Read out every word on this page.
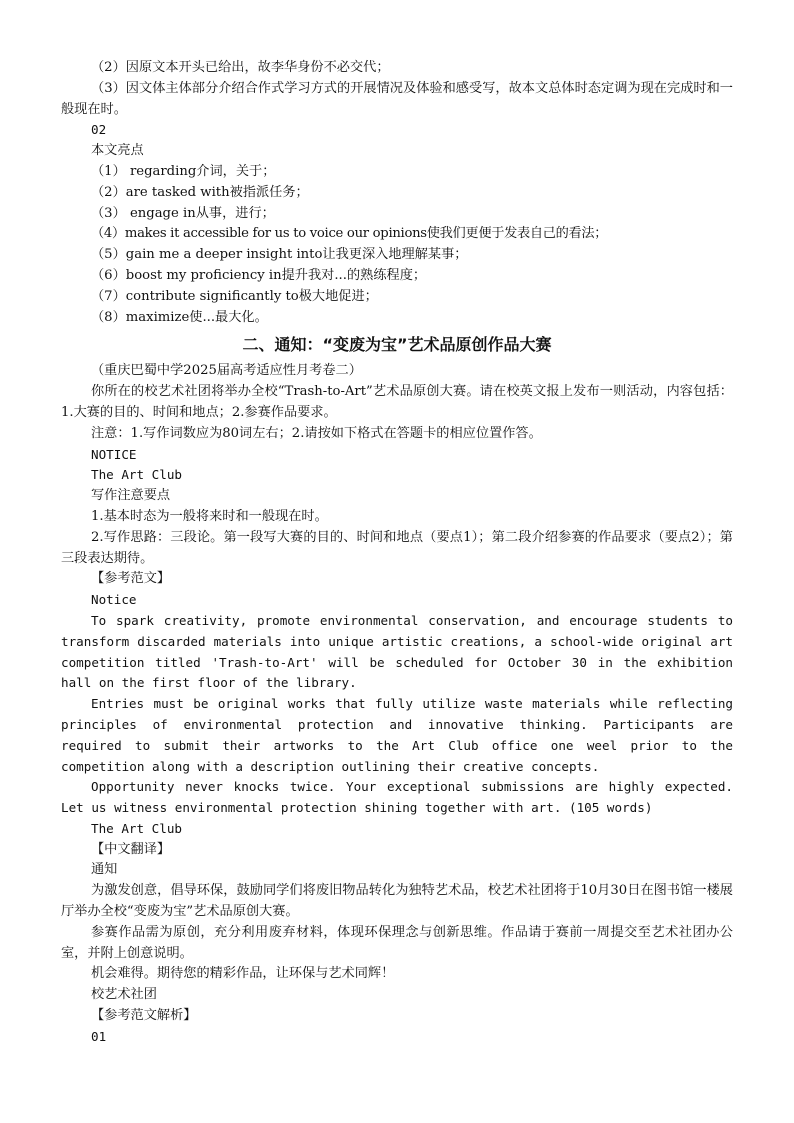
（2）因原文本开头已给出，故李华身份不必交代；
（3）因文体主体部分介绍合作式学习方式的开展情况及体验和感受写，故本文总体时态定调为现在完成时和一般现在时。
02
本文亮点
（1） regarding介词，关于；
（2）are tasked with被指派任务；
（3） engage in从事，进行；
（4）makes it accessible for us to voice our opinions使我们更便于发表自己的看法；
（5）gain me a deeper insight into让我更深入地理解某事；
（6）boost my proficiency in提升我对...的熟练程度；
（7）contribute significantly to极大地促进；
（8）maximize使...最大化。
二、通知：“变废为宝”艺术品原创作品大赛
（重庆巴蜀中学2025届高考适应性月考卷二）
你所在的校艺术社团将举办全校“Trash-to-Art”艺术品原创大赛。请在校英文报上发布一则活动，内容包括：1.大赛的目的、时间和地点；2.参赛作品要求。
注意：1.写作词数应为80词左右；2.请按如下格式在答题卡的相应位置作答。
NOTICE
The Art Club
写作注意要点
1.基本时态为一般将来时和一般现在时。
2.写作思路：三段论。第一段写大赛的目的、时间和地点（要点1）；第二段介绍参赛的作品要求（要点2）；第三段表达期待。
【参考范文】
Notice
To spark creativity, promote environmental conservation, and encourage students to transform discarded materials into unique artistic creations, a school-wide original art competition titled 'Trash-to-Art' will be scheduled for October 30 in the exhibition hall on the first floor of the library.
Entries must be original works that fully utilize waste materials while reflecting principles of environmental protection and innovative thinking. Participants are required to submit their artworks to the Art Club office one weel prior to the competition along with a description outlining their creative concepts.
Opportunity never knocks twice. Your exceptional submissions are highly expected. Let us witness environmental protection shining together with art. (105 words)
The Art Club
【中文翻译】
通知
为激发创意，倡导环保，鼓励同学们将废旧物品转化为独特艺术品，校艺术社团将于10月30日在图书馆一楼展厅举办全校“变废为宝”艺术品原创大赛。
参赛作品需为原创，充分利用废弃材料，体现环保理念与创新思维。作品请于赛前一周提交至艺术社团办公室，并附上创意说明。
机会难得。期待您的精彩作品，让环保与艺术同辉！
校艺术社团
【参考范文解析】
01
